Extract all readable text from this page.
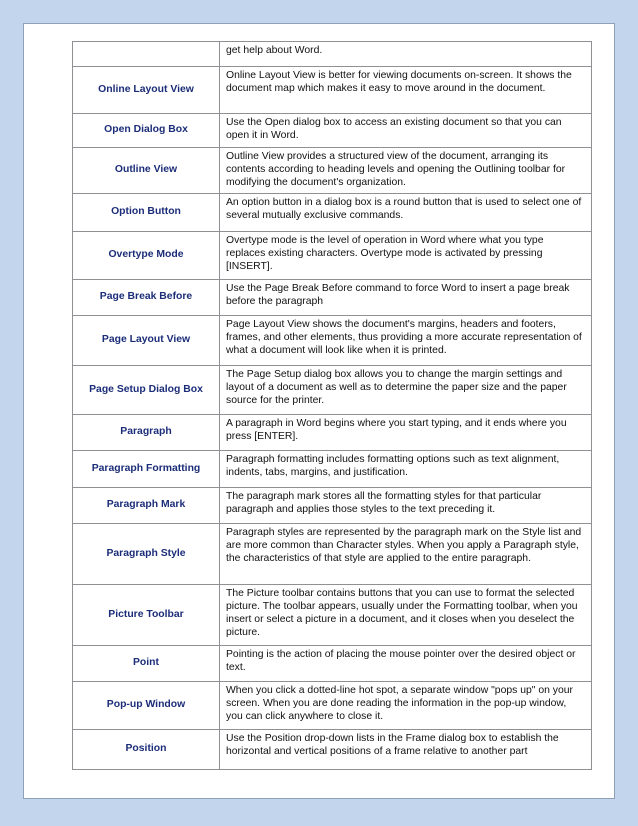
	get help about Word.
Online Layout View	Online Layout View is better for viewing documents on-screen. It shows the document map which makes it easy to move around in the document.
Open Dialog Box	Use the Open dialog box to access an existing document so that you can open it in Word.
Outline View	Outline View provides a structured view of the document, arranging its contents according to heading levels and opening the Outlining toolbar for modifying the document's organization.
Option Button	An option button in a dialog box is a round button that is used to select one of several mutually exclusive commands.
Overtype Mode	Overtype mode is the level of operation in Word where what you type replaces existing characters. Overtype mode is activated by pressing [INSERT].
Page Break Before	Use the Page Break Before command to force Word to insert a page break before the paragraph
Page Layout View	Page Layout View shows the document's margins, headers and footers, frames, and other elements, thus providing a more accurate representation of what a document will look like when it is printed.
Page Setup Dialog Box	The Page Setup dialog box allows you to change the margin settings and layout of a document as well as to determine the paper size and the paper source for the printer.
Paragraph	A paragraph in Word begins where you start typing, and it ends where you press [ENTER].
Paragraph Formatting	Paragraph formatting includes formatting options such as text alignment, indents, tabs, margins, and justification.
Paragraph Mark	The paragraph mark stores all the formatting styles for that particular paragraph and applies those styles to the text preceding it.
Paragraph Style	Paragraph styles are represented by the paragraph mark on the Style list and are more common than Character styles. When you apply a Paragraph style, the characteristics of that style are applied to the entire paragraph.
Picture Toolbar	The Picture toolbar contains buttons that you can use to format the selected picture. The toolbar appears, usually under the Formatting toolbar, when you insert or select a picture in a document, and it closes when you deselect the picture.
Point	Pointing is the action of placing the mouse pointer over the desired object or text.
Pop-up Window	When you click a dotted-line hot spot, a separate window "pops up" on your screen. When you are done reading the information in the pop-up window, you can click anywhere to close it.
Position	Use the Position drop-down lists in the Frame dialog box to establish the horizontal and vertical positions of a frame relative to another part
